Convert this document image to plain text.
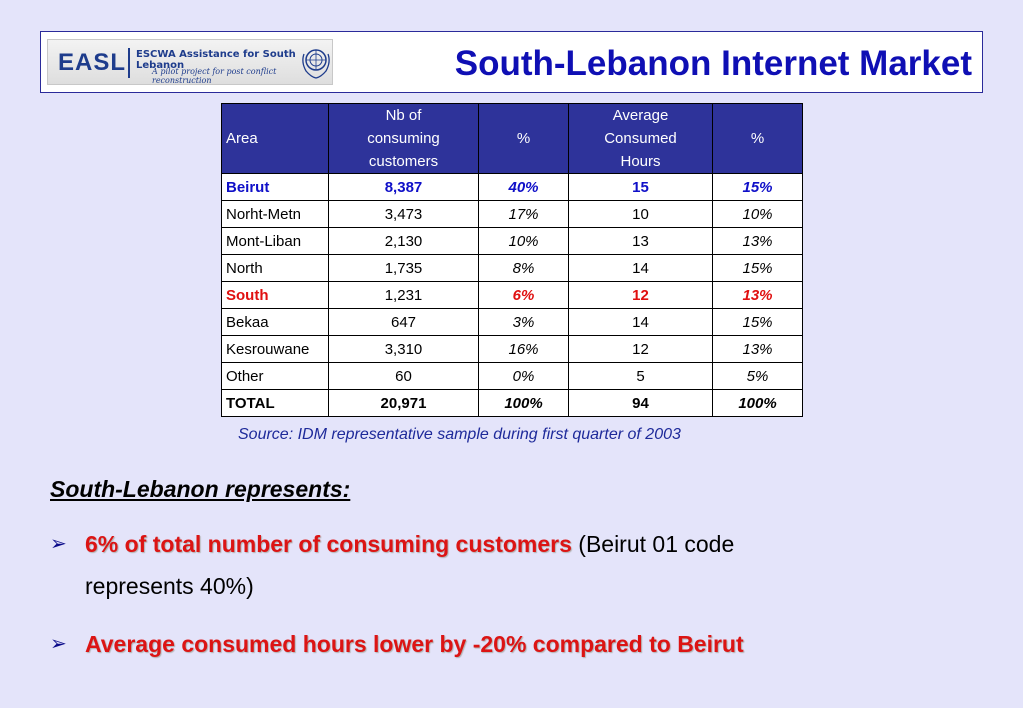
EASL ESCWA Assistance for South Lebanon
A pilot project for post conflict reconstruction	South-Lebanon Internet Market
Area	Nb of
consuming
customers	%	Average
Consumed
Hours	%
Beirut	8,387	40%	15	15%
Norht-Metn	3,473	17%	10	10%
Mont-Liban	2,130	10%	13	13%
North	1,735	8%	14	15%
South	1,231	6%	12	13%
Bekaa	647	3%	14	15%
Kesrouwane	3,310	16%	12	13%
Other	60	0%	5	5%
TOTAL	20,971	100%	94	100%
Source: IDM representative sample during first quarter of 2003
South-Lebanon represents:
➢ 6% of total number of consuming customers (Beirut 01 code
represents 40%)
➢ Average consumed hours lower by -20% compared to Beirut
